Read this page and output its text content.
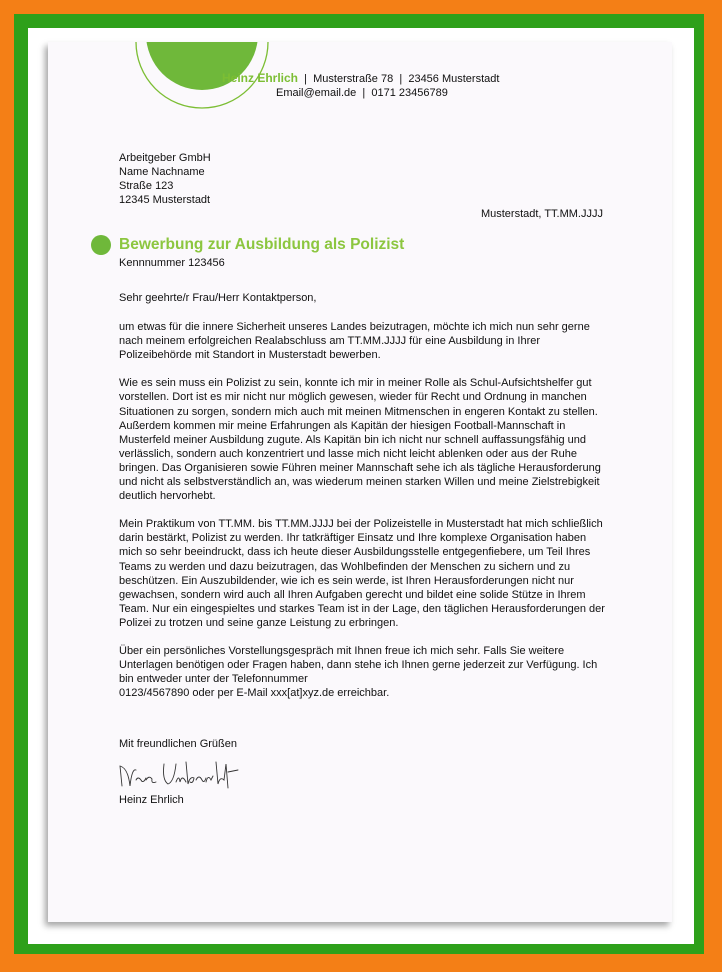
Heinz Ehrlich | Musterstraße 78 | 23456 Musterstadt
Email@email.de | 0171 23456789
Arbeitgeber GmbH
Name Nachname
Straße 123
12345 Musterstadt
Musterstadt, TT.MM.JJJJ
Bewerbung zur Ausbildung als Polizist
Kennnummer 123456

Sehr geehrte/r Frau/Herr Kontaktperson,

um etwas für die innere Sicherheit unseres Landes beizutragen, möchte ich mich nun sehr gerne nach meinem erfolgreichen Realabschluss am TT.MM.JJJJ für eine Ausbildung in Ihrer Polizeibehörde mit Standort in Musterstadt bewerben.

Wie es sein muss ein Polizist zu sein, konnte ich mir in meiner Rolle als Schul-Aufsichtshelfer gut vorstellen. Dort ist es mir nicht nur möglich gewesen, wieder für Recht und Ordnung in manchen Situationen zu sorgen, sondern mich auch mit meinen Mitmenschen in engeren Kontakt zu stellen. Außerdem kommen mir meine Erfahrungen als Kapitän der hiesigen Football-Mannschaft in Musterfeld meiner Ausbildung zugute. Als Kapitän bin ich nicht nur schnell auffassungsfähig und verlässlich, sondern auch konzentriert und lasse mich nicht leicht ablenken oder aus der Ruhe bringen. Das Organisieren sowie Führen meiner Mannschaft sehe ich als tägliche Herausforderung und nicht als selbstverständlich an, was wiederum meinen starken Willen und meine Zielstrebigkeit deutlich hervorhebt.

Mein Praktikum von TT.MM. bis TT.MM.JJJJ bei der Polizeistelle in Musterstadt hat mich schließlich darin bestärkt, Polizist zu werden. Ihr tatkräftiger Einsatz und Ihre komplexe Organisation haben mich so sehr beeindruckt, dass ich heute dieser Ausbildungsstelle entgegenfiebere, um Teil Ihres Teams zu werden und dazu beizutragen, das Wohlbefinden der Menschen zu sichern und zu beschützen. Ein Auszubildender, wie ich es sein werde, ist Ihren Herausforderungen nicht nur gewachsen, sondern wird auch all Ihren Aufgaben gerecht und bildet eine solide Stütze in Ihrem Team. Nur ein eingespieltes und starkes Team ist in der Lage, den täglichen Herausforderungen der Polizei zu trotzen und seine ganze Leistung zu erbringen.

Über ein persönliches Vorstellungsgespräch mit Ihnen freue ich mich sehr. Falls Sie weitere Unterlagen benötigen oder Fragen haben, dann stehe ich Ihnen gerne jederzeit zur Verfügung. Ich bin entweder unter der Telefonnummer
0123/4567890 oder per E-Mail xxx[at]xyz.de erreichbar.

Mit freundlichen Grüßen
Heinz Ehrlich
